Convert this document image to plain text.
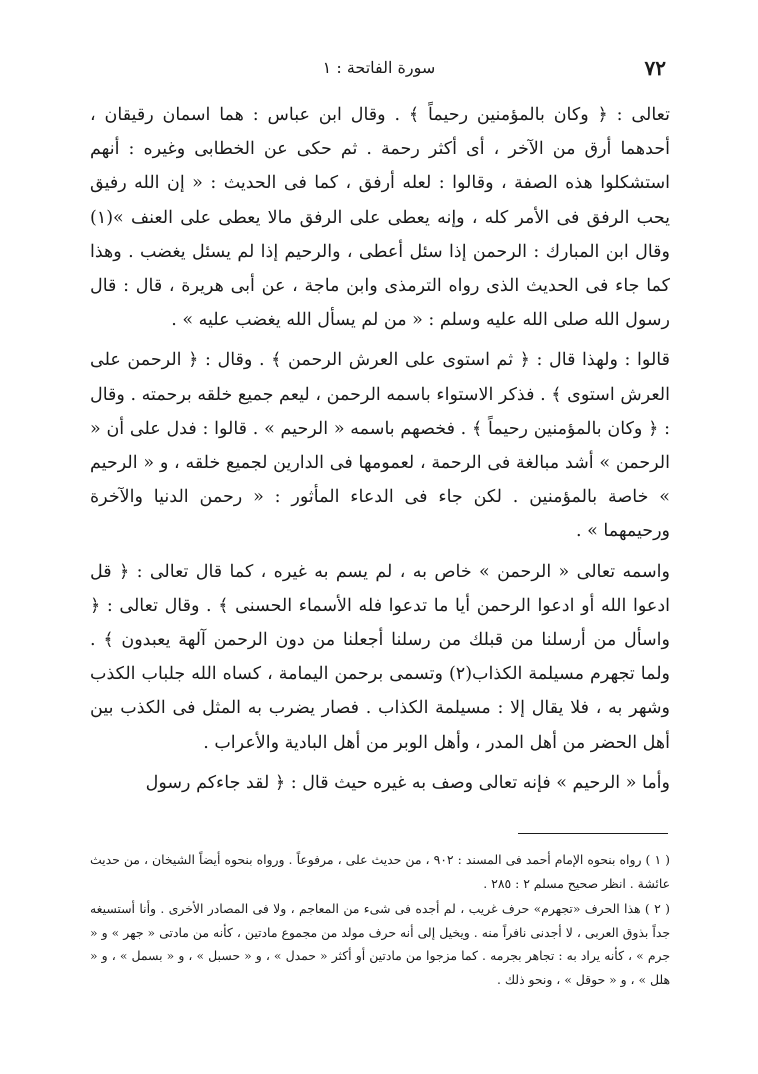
٧٢
سورة الفاتحة : ١

تعالى : ﴿ وكان بالمؤمنين رحيماً ﴾ . وقال ابن عباس : هما اسمان رقيقان ، أحدهما أرق من الآخر ، أى أكثر رحمة . ثم حكى عن الخطابى وغيره : أنهم استشكلوا هذه الصفة ، وقالوا : لعله أرفق ، كما فى الحديث : « إن الله رفيق يحب الرفق فى الأمر كله ، وإنه يعطى على الرفق مالا يعطى على العنف »(١) وقال ابن المبارك : الرحمن إذا سئل أعطى ، والرحيم إذا لم يسئل يغضب . وهذا كما جاء فى الحديث الذى رواه الترمذى وابن ماجة ، عن أبى هريرة ، قال : قال رسول الله صلى الله عليه وسلم : « من لم يسأل الله يغضب عليه » .

قالوا : ولهذا قال : ﴿ ثم استوى على العرش الرحمن ﴾ . وقال : ﴿ الرحمن على العرش استوى ﴾ . فذكر الاستواء باسمه الرحمن ، ليعم جميع خلقه برحمته . وقال : ﴿ وكان بالمؤمنين رحيماً ﴾ . فخصهم باسمه « الرحيم » . قالوا : فدل على أن « الرحمن » أشد مبالغة فى الرحمة ، لعمومها فى الدارين لجميع خلقه ، و « الرحيم » خاصة بالمؤمنين . لكن جاء فى الدعاء المأثور : « رحمن الدنيا والآخرة ورحيمهما » .

واسمه تعالى « الرحمن » خاص به ، لم يسم به غيره ، كما قال تعالى : ﴿ قل ادعوا الله أو ادعوا الرحمن أيا ما تدعوا فله الأسماء الحسنى ﴾ . وقال تعالى : ﴿ واسأل من أرسلنا من قبلك من رسلنا أجعلنا من دون الرحمن آلهة يعبدون ﴾ . ولما تجهرم مسيلمة الكذاب(٢) وتسمى برحمن اليمامة ، كساه الله جلباب الكذب وشهر به ، فلا يقال إلا : مسيلمة الكذاب . فصار يضرب به المثل فى الكذب بين أهل الحضر من أهل المدر ، وأهل الوبر من أهل البادية والأعراب .

وأما « الرحيم » فإنه تعالى وصف به غيره حيث قال : ﴿ لقد جاءكم رسول

( ١ ) رواه بنحوه الإمام أحمد فى المسند : ٩٠٢ ، من حديث على ، مرفوعاً . ورواه بنحوه أيضاً الشيخان ، من حديث عائشة . انظر صحيح مسلم ٢ : ٢٨٥ .

( ٢ ) هذا الحرف «تجهرم» حرف غريب ، لم أجده فى شىء من المعاجم ، ولا فى المصادر الأخرى . وأنا أستسيغه جداً بذوق العربى ، لا أجدنى نافراً منه . ويخيل إلى أنه حرف مولد من مجموع مادتين ، كأنه من مادتى « جهر » و « جرم » ، كأنه يراد به : تجاهر بجرمه . كما مزجوا من مادتين أو أكثر « حمدل » ، و « حسبل » ، و « بسمل » ، و « هلل » ، و « حوقل » ، ونحو ذلك .
